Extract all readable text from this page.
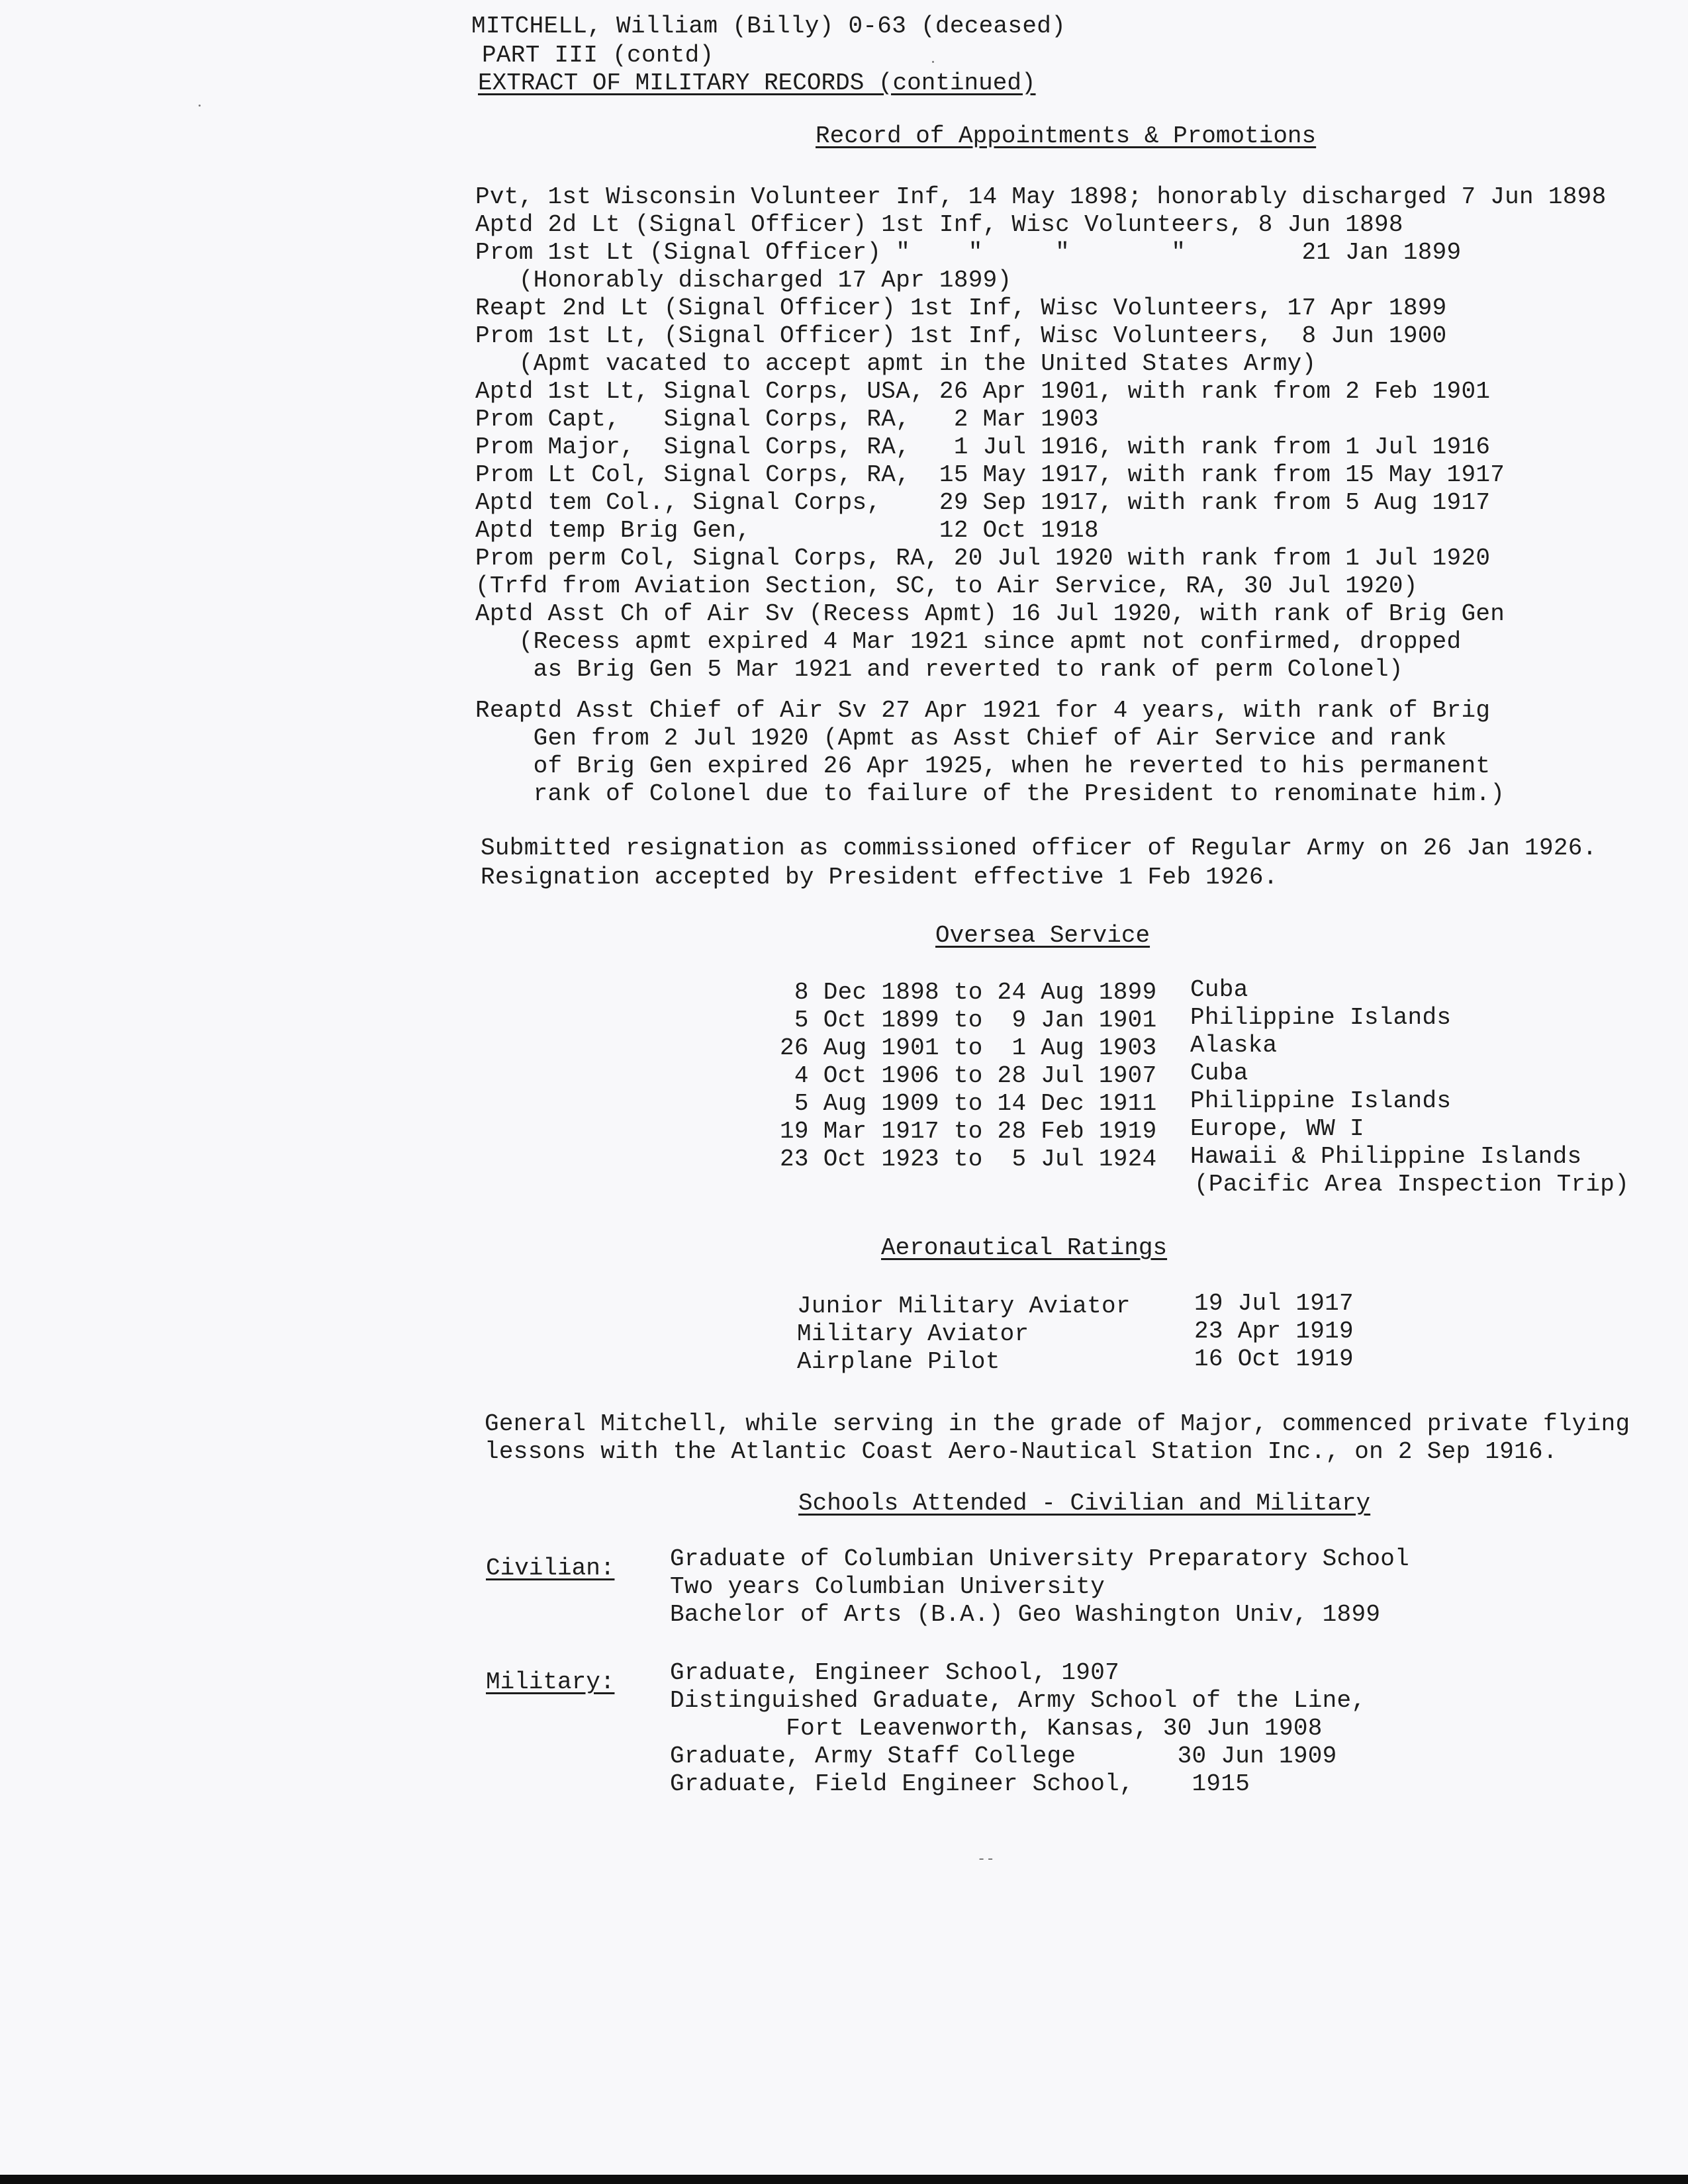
MITCHELL, William (Billy) 0-63 (deceased)
PART III (contd)
EXTRACT OF MILITARY RECORDS (continued)
Record of Appointments & Promotions
Pvt, 1st Wisconsin Volunteer Inf, 14 May 1898; honorably discharged 7 Jun 1898
Aptd 2d Lt (Signal Officer) 1st Inf, Wisc Volunteers, 8 Jun 1898
Prom 1st Lt (Signal Officer) "    "     "       "        21 Jan 1899
(Honorably discharged 17 Apr 1899)
Reapt 2nd Lt (Signal Officer) 1st Inf, Wisc Volunteers, 17 Apr 1899
Prom 1st Lt, (Signal Officer) 1st Inf, Wisc Volunteers,  8 Jun 1900
(Apmt vacated to accept apmt in the United States Army)
Aptd 1st Lt, Signal Corps, USA, 26 Apr 1901, with rank from 2 Feb 1901
Prom Capt,   Signal Corps, RA,   2 Mar 1903
Prom Major,  Signal Corps, RA,   1 Jul 1916, with rank from 1 Jul 1916
Prom Lt Col, Signal Corps, RA,  15 May 1917, with rank from 15 May 1917
Aptd tem Col., Signal Corps,    29 Sep 1917, with rank from 5 Aug 1917
Aptd temp Brig Gen,             12 Oct 1918
Prom perm Col, Signal Corps, RA, 20 Jul 1920 with rank from 1 Jul 1920
(Trfd from Aviation Section, SC, to Air Service, RA, 30 Jul 1920)
Aptd Asst Ch of Air Sv (Recess Apmt) 16 Jul 1920, with rank of Brig Gen
(Recess apmt expired 4 Mar 1921 since apmt not confirmed, dropped
as Brig Gen 5 Mar 1921 and reverted to rank of perm Colonel)
Reaptd Asst Chief of Air Sv 27 Apr 1921 for 4 years, with rank of Brig
Gen from 2 Jul 1920 (Apmt as Asst Chief of Air Service and rank
of Brig Gen expired 26 Apr 1925, when he reverted to his permanent
rank of Colonel due to failure of the President to renominate him.)
Submitted resignation as commissioned officer of Regular Army on 26 Jan 1926.
Resignation accepted by President effective 1 Feb 1926.
Oversea Service
8 Dec 1898 to 24 Aug 1899 Cuba
5 Oct 1899 to  9 Jan 1901 Philippine Islands
26 Aug 1901 to  1 Aug 1903 Alaska
4 Oct 1906 to 28 Jul 1907 Cuba
5 Aug 1909 to 14 Dec 1911 Philippine Islands
19 Mar 1917 to 28 Feb 1919 Europe, WW I
23 Oct 1923 to  5 Jul 1924 Hawaii & Philippine Islands
(Pacific Area Inspection Trip)
Aeronautical Ratings
Junior Military Aviator	19 Jul 1917
Military Aviator	23 Apr 1919
Airplane Pilot	16 Oct 1919
General Mitchell, while serving in the grade of Major, commenced private flying
lessons with the Atlantic Coast Aero-Nautical Station Inc., on 2 Sep 1916.
Schools Attended - Civilian and Military
Civilian: Graduate of Columbian University Preparatory School
Two years Columbian University
Bachelor of Arts (B.A.) Geo Washington Univ, 1899
Military: Graduate, Engineer School, 1907
Distinguished Graduate, Army School of the Line,
Fort Leavenworth, Kansas, 30 Jun 1908
Graduate, Army Staff College       30 Jun 1909
Graduate, Field Engineer School,    1915
--
